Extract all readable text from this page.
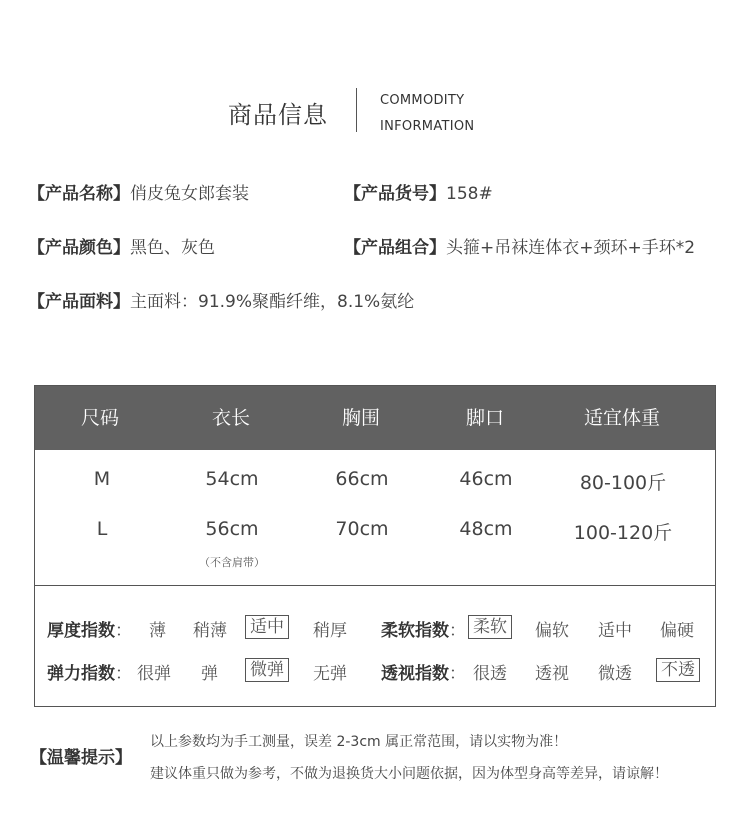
商品信息
COMMODITY
INFORMATION
【产品名称】俏皮兔女郎套装	【产品货号】158#
【产品颜色】黑色、灰色	【产品组合】头箍+吊袜连体衣+颈环+手环*2
【产品面料】主面料：91.9%聚酯纤维，8.1%氨纶
尺码	衣长	胸围	脚口	适宜体重
M	54cm	66cm	46cm	80-100斤
L	56cm	70cm	48cm	100-120斤
（不含肩带）
厚度指数： 薄 稍薄 适中 稍厚 柔软指数： 柔软 偏软 适中 偏硬
弹力指数： 很弹 弹 微弹 无弹 透视指数： 很透 透视 微透 不透
【温馨提示】
以上参数均为手工测量，误差 2-3cm 属正常范围，请以实物为准！
建议体重只做为参考，不做为退换货大小问题依据，因为体型身高等差异，请谅解！
